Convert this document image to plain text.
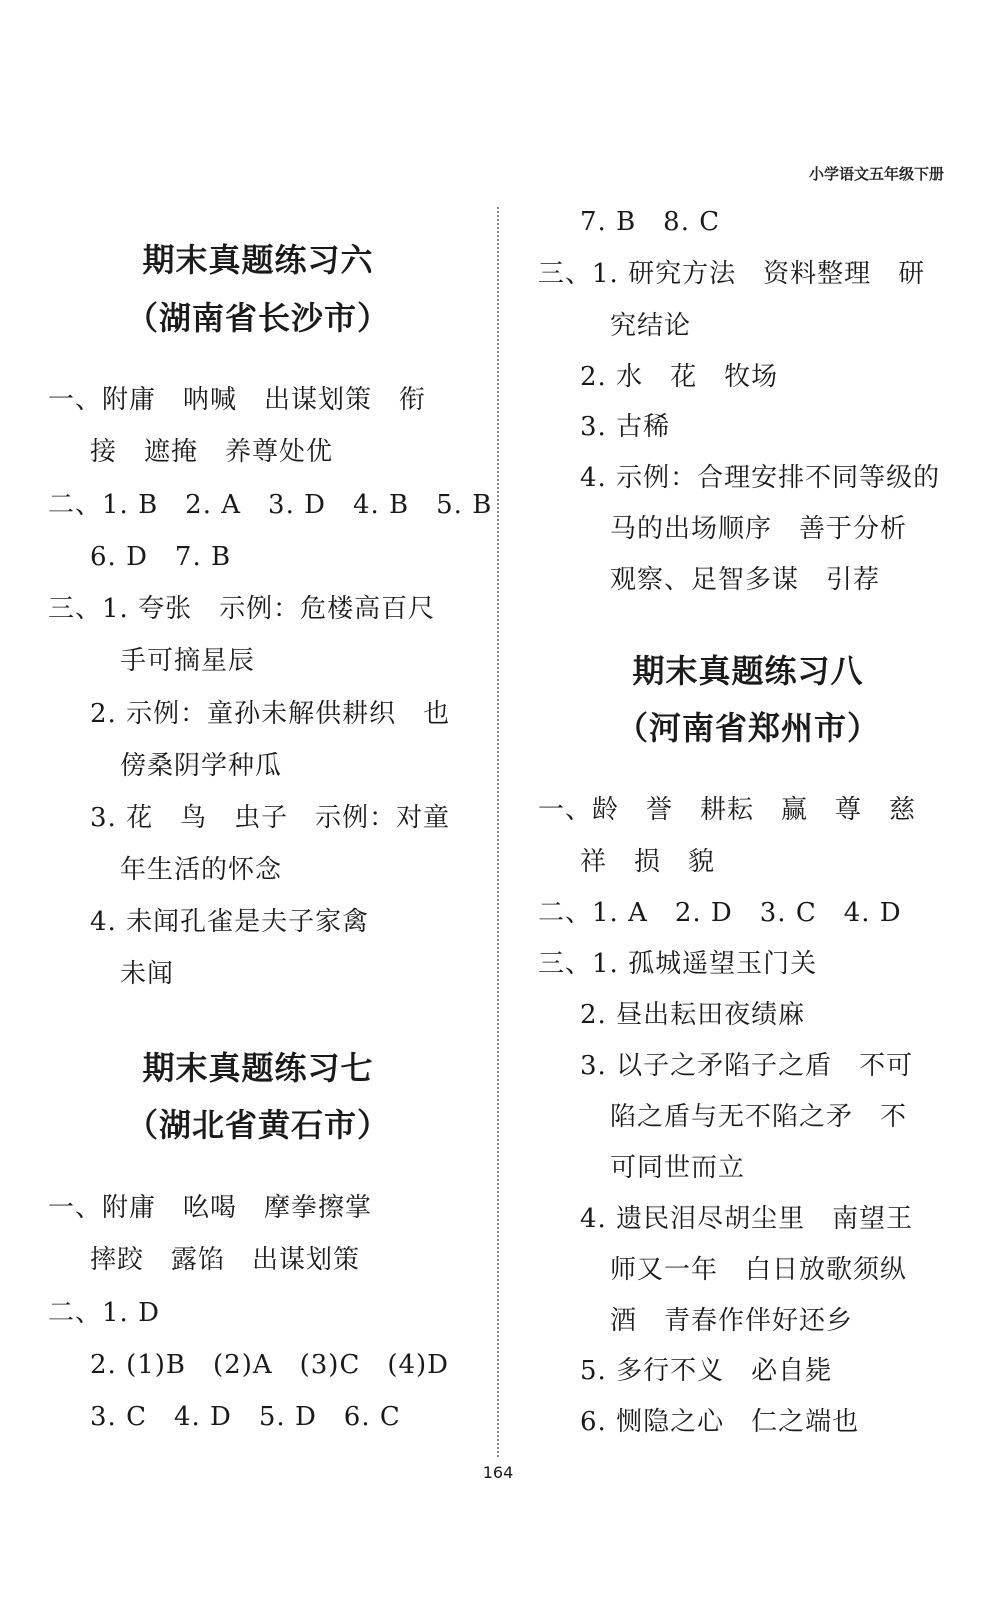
小学语文五年级下册
期末真题练习六
（湖南省长沙市）
一、附庸　呐喊　出谋划策　衔
接　遮掩　养尊处优
二、1. B　2. A　3. D　4. B　5. B
6. D　7. B
三、1. 夸张　示例：危楼高百尺
手可摘星辰
2. 示例：童孙未解供耕织　也
傍桑阴学种瓜
3. 花　鸟　虫子　示例：对童
年生活的怀念
4. 未闻孔雀是夫子家禽
未闻
期末真题练习七
（湖北省黄石市）
一、附庸　吆喝　摩拳擦掌
摔跤　露馅　出谋划策
二、1. D
2. (1)B　(2)A　(3)C　(4)D
3. C　4. D　5. D　6. C
7. B　8. C
三、1. 研究方法　资料整理　研
究结论
2. 水　花　牧场
3. 古稀
4. 示例：合理安排不同等级的
马的出场顺序　善于分析
观察、足智多谋　引荐
期末真题练习八
（河南省郑州市）
一、龄　誉　耕耘　赢　尊　慈
祥　损　貌
二、1. A　2. D　3. C　4. D
三、1. 孤城遥望玉门关
2. 昼出耘田夜绩麻
3. 以子之矛陷子之盾　不可
陷之盾与无不陷之矛　不
可同世而立
4. 遗民泪尽胡尘里　南望王
师又一年　白日放歌须纵
酒　青春作伴好还乡
5. 多行不义　必自毙
6. 恻隐之心　仁之端也
164
